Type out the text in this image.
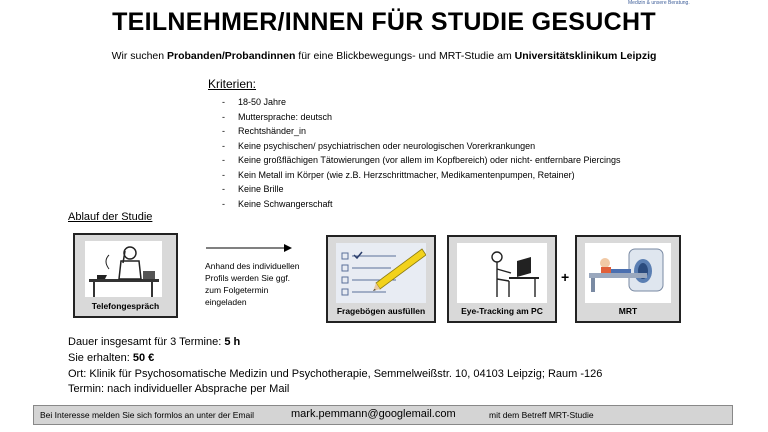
Medizin & unsere Beratung.
TEILNEHMER/INNEN FÜR STUDIE GESUCHT
Wir suchen Probanden/Probandinnen für eine Blickbewegungs- und MRT-Studie am Universitätsklinikum Leipzig
Kriterien:
- 18-50 Jahre
- Muttersprache: deutsch
- Rechtshänder_in
- Keine psychischen/ psychiatrischen oder neurologischen Vorerkrankungen
- Keine großflächigen Tätowierungen (vor allem im Kopfbereich) oder nicht- entfernbare Piercings
- Kein Metall im Körper (wie z.B. Herzschrittmacher, Medikamentenpumpen, Retainer)
- Keine Brille
- Keine Schwangerschaft
Ablauf der Studie
Telefongespräch
Anhand des individuellen
Profils werden Sie ggf.
zum Folgetermin
eingeladen
Fragebögen ausfüllen	Eye-Tracking am PC
+
MRT
Dauer insgesamt für 3 Termine: 5 h
Sie erhalten: 50 €
Ort: Klinik für Psychosomatische Medizin und Psychotherapie, Semmelweißstr. 10, 04103 Leipzig; Raum -126
Termin: nach individueller Absprache per Mail
Bei Interesse melden Sie sich formlos an unter der Email	mark.pemmann@googlemail.com	mit dem Betreff MRT-Studie
